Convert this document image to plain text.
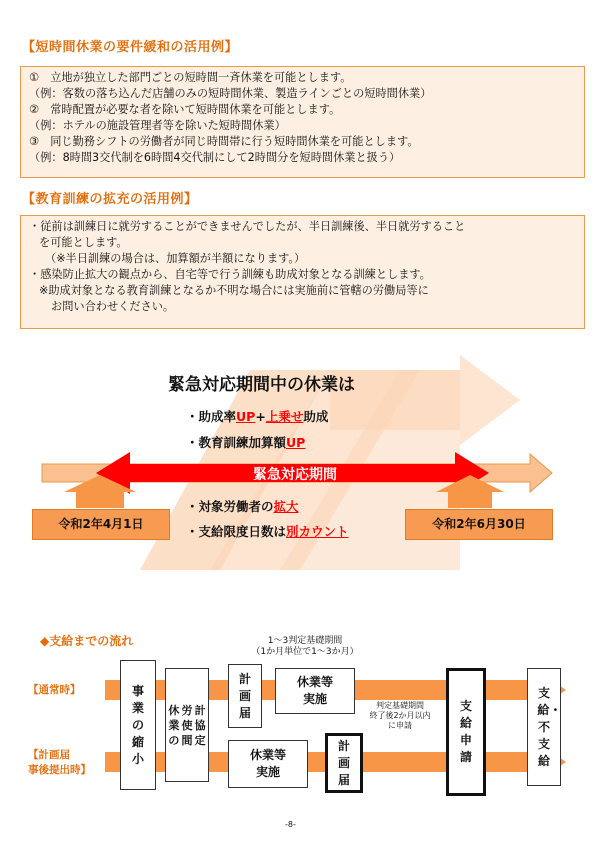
【短時間休業の要件緩和の活用例】
①　立地が独立した部門ごとの短時間一斉休業を可能とします。
（例：客数の落ち込んだ店舗のみの短時間休業、製造ラインごとの短時間休業）
②　常時配置が必要な者を除いて短時間休業を可能とします。
（例：ホテルの施設管理者等を除いた短時間休業）
③　同じ勤務シフトの労働者が同じ時間帯に行う短時間休業を可能とします。
（例：8時間3交代制を6時間4交代制にして2時間分を短時間休業と扱う）
【教育訓練の拡充の活用例】
・従前は訓練日に就労することができませんでしたが、半日訓練後、半日就労すること
を可能とします。
（※半日訓練の場合は、加算額が半額になります。）
・感染防止拡大の観点から、自宅等で行う訓練も助成対象となる訓練とします。
※助成対象となる教育訓練となるか不明な場合には実施前に管轄の労働局等に
お問い合わせください。
緊急対応期間中の休業は
・助成率UP+上乗せ助成
・教育訓練加算額UP
緊急対応期間
・対象労働者の拡大
・支給限度日数は別カウント
令和2年4月1日	令和2年6月30日
◆支給までの流れ	1～3判定基礎期間
（1か月単位で1～3か月）
判定基礎期間
終了後2か月以内
に申請
【通常時】
【計画届
事後提出時】
事業の縮小
休業の
労使間
計協定
計画届
休業等実施
休業等実施
計画届
支給申請
支給・不支給
-8-
